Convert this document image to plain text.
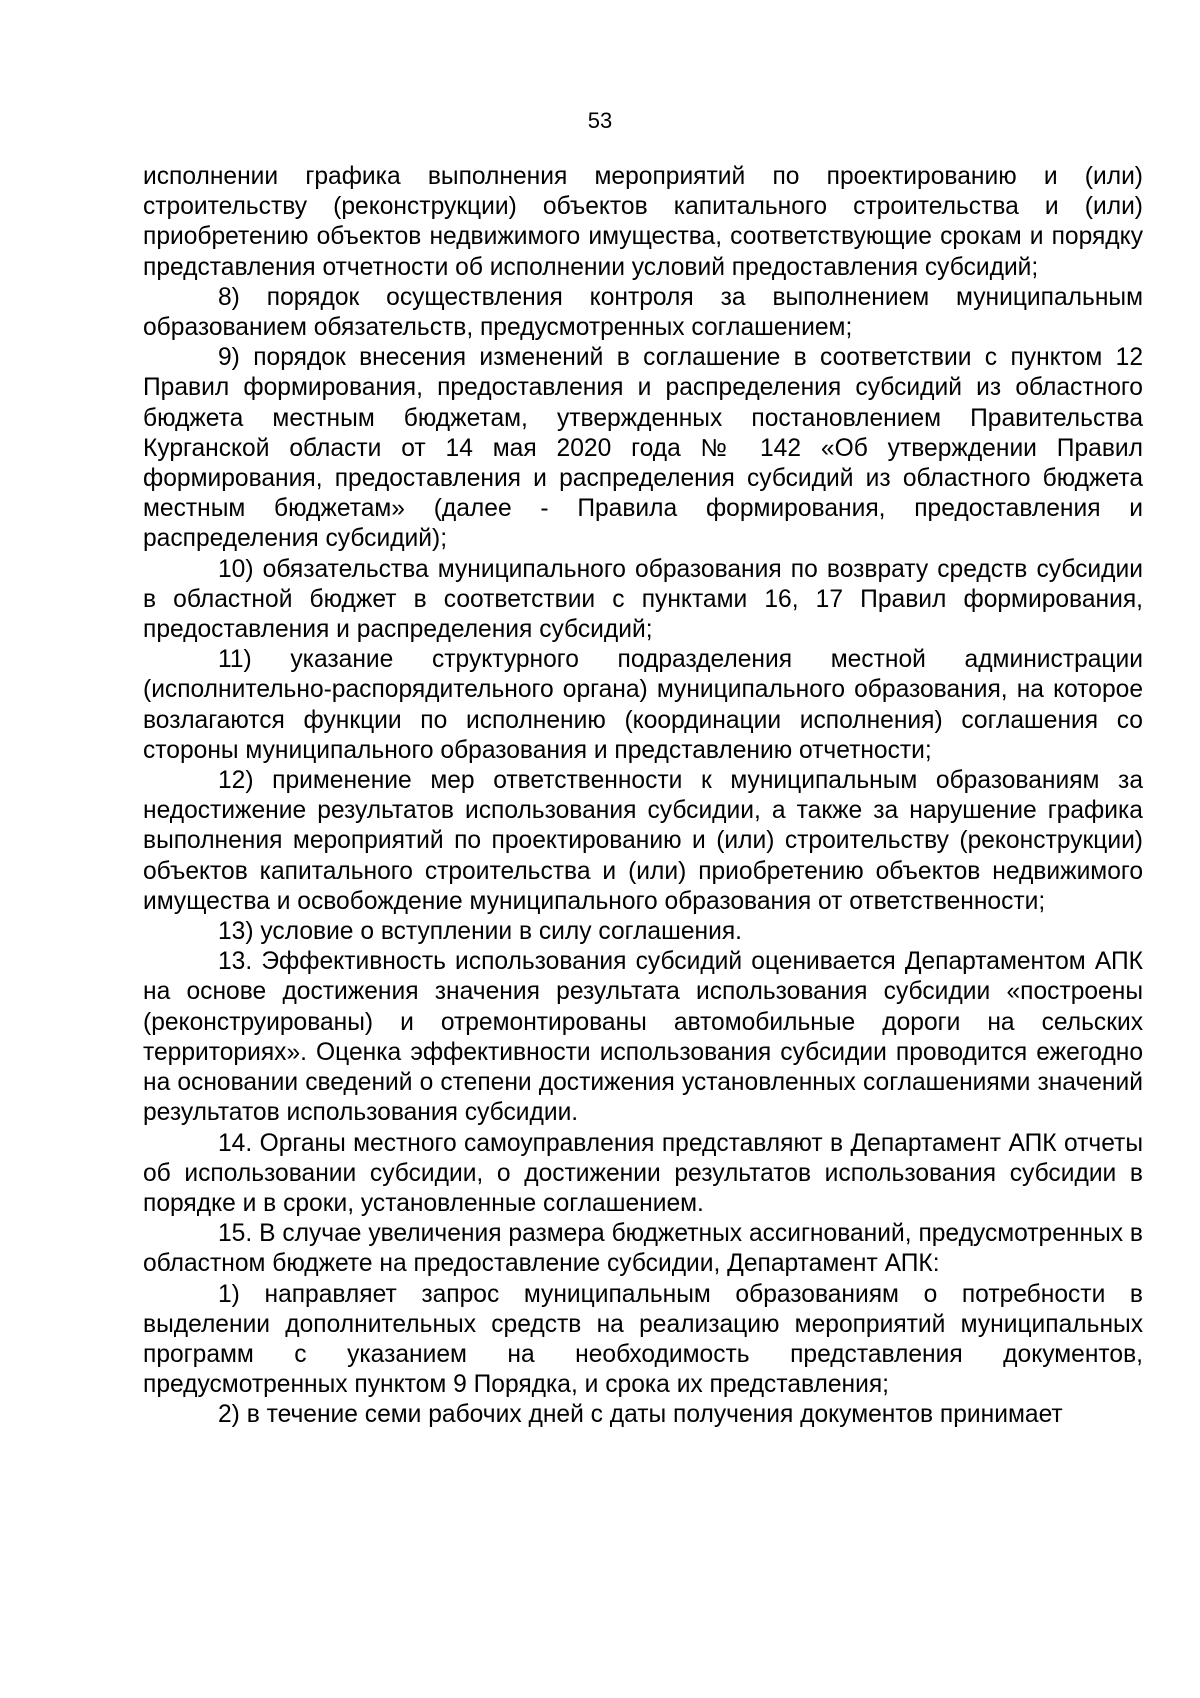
53

исполнении графика выполнения мероприятий по проектированию и (или) строительству (реконструкции) объектов капитального строительства и (или) приобретению объектов недвижимого имущества, соответствующие срокам и порядку представления отчетности об исполнении условий предоставления субсидий;

8) порядок осуществления контроля за выполнением муниципальным образованием обязательств, предусмотренных соглашением;

9) порядок внесения изменений в соглашение в соответствии с пунктом 12 Правил формирования, предоставления и распределения субсидий из областного бюджета местным бюджетам, утвержденных постановлением Правительства Курганской области от 14 мая 2020 года № 142 «Об утверждении Правил формирования, предоставления и распределения субсидий из областного бюджета местным бюджетам» (далее - Правила формирования, предоставления и распределения субсидий);

10) обязательства муниципального образования по возврату средств субсидии в областной бюджет в соответствии с пунктами 16, 17 Правил формирования, предоставления и распределения субсидий;

11) указание структурного подразделения местной администрации (исполнительно-распорядительного органа) муниципального образования, на которое возлагаются функции по исполнению (координации исполнения) соглашения со стороны муниципального образования и представлению отчетности;

12) применение мер ответственности к муниципальным образованиям за недостижение результатов использования субсидии, а также за нарушение графика выполнения мероприятий по проектированию и (или) строительству (реконструкции) объектов капитального строительства и (или) приобретению объектов недвижимого имущества и освобождение муниципального образования от ответственности;

13) условие о вступлении в силу соглашения.

13. Эффективность использования субсидий оценивается Департаментом АПК на основе достижения значения результата использования субсидии «построены (реконструированы) и отремонтированы автомобильные дороги на сельских территориях». Оценка эффективности использования субсидии проводится ежегодно на основании сведений о степени достижения установленных соглашениями значений результатов использования субсидии.

14. Органы местного самоуправления представляют в Департамент АПК отчеты об использовании субсидии, о достижении результатов использования субсидии в порядке и в сроки, установленные соглашением.

15. В случае увеличения размера бюджетных ассигнований, предусмотренных в областном бюджете на предоставление субсидии, Департамент АПК:

1) направляет запрос муниципальным образованиям о потребности в выделении дополнительных средств на реализацию мероприятий муниципальных программ с указанием на необходимость представления документов, предусмотренных пунктом 9 Порядка, и срока их представления;

2) в течение семи рабочих дней с даты получения документов принимает
